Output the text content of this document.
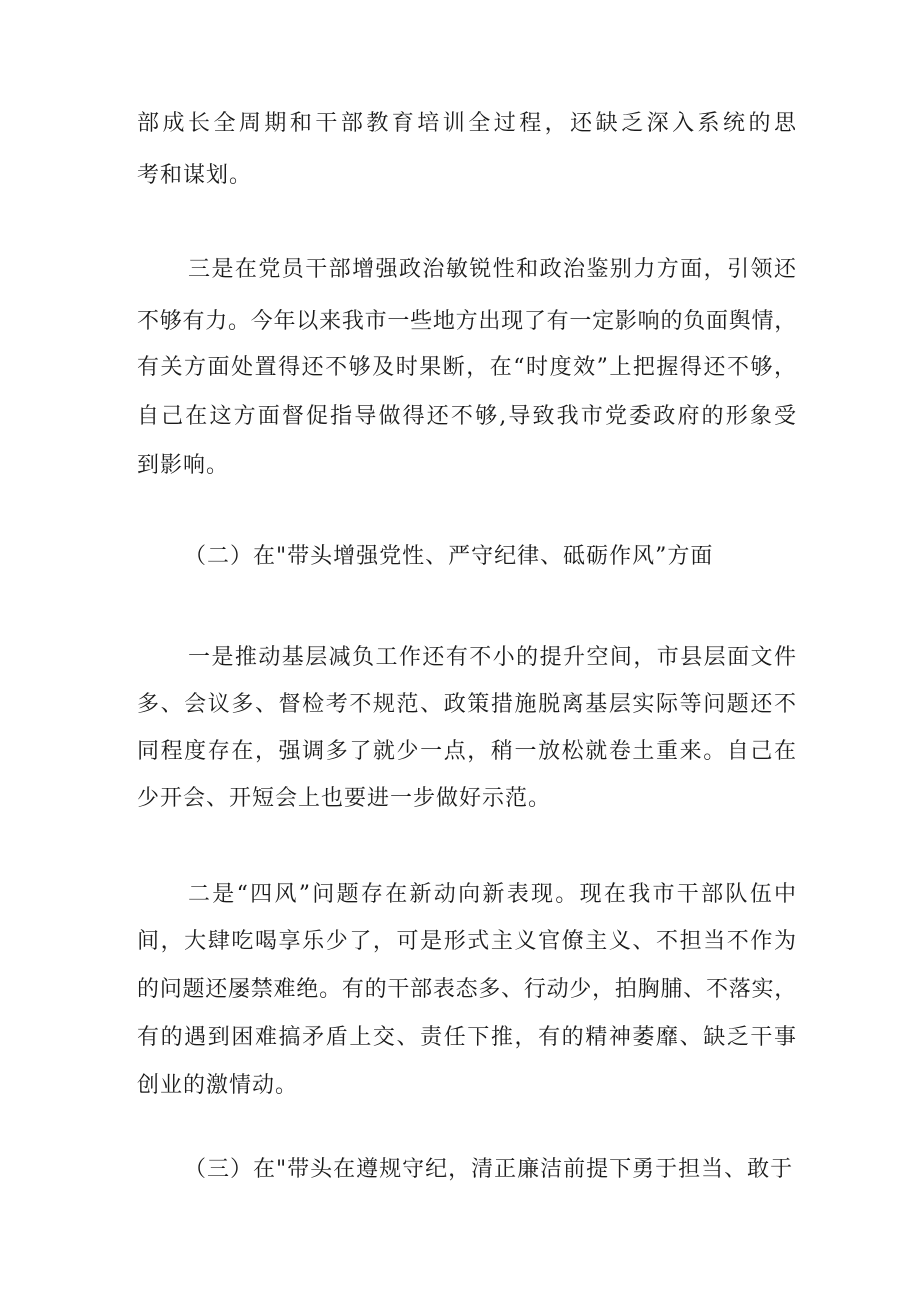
部成长全周期和干部教育培训全过程，还缺乏深入系统的思
考和谋划。
三是在党员干部增强政治敏锐性和政治鉴别力方面，引领还
不够有力。今年以来我市一些地方出现了有一定影响的负面舆情，
有关方面处置得还不够及时果断，在“时度效”上把握得还不够，
自己在这方面督促指导做得还不够,导致我市党委政府的形象受
到影响。
（二）在"带头增强党性、严守纪律、砥砺作风”方面
一是推动基层减负工作还有不小的提升空间，市县层面文件
多、会议多、督检考不规范、政策措施脱离基层实际等问题还不
同程度存在，强调多了就少一点，稍一放松就卷土重来。自己在
少开会、开短会上也要进一步做好示范。
二是“四风”问题存在新动向新表现。现在我市干部队伍中
间，大肆吃喝享乐少了，可是形式主义官僚主义、不担当不作为
的问题还屡禁难绝。有的干部表态多、行动少，拍胸脯、不落实，
有的遇到困难搞矛盾上交、责任下推，有的精神萎靡、缺乏干事
创业的激情动。
（三）在"带头在遵规守纪，清正廉洁前提下勇于担当、敢于
